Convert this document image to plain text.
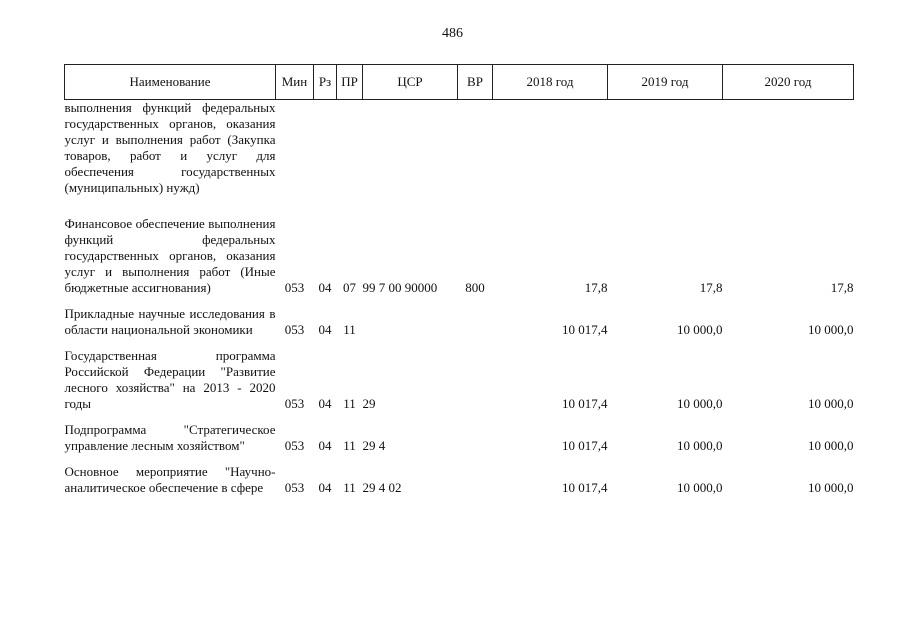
486
Наименование	Мин	Рз	ПР	ЦСР	ВР	2018 год	2019 год	2020 год
выполнения функций федеральных государственных органов, оказания услуг и выполнения работ (Закупка товаров, работ и услуг для обеспечения государственных (муниципальных) нужд)								

Финансовое обеспечение выполнения функций федеральных государственных органов, оказания услуг и выполнения работ (Иные бюджетные ассигнования)	053	04	07	99 7 00 90000	800	17,8	17,8	17,8

Прикладные научные исследования в области национальной экономики	053	04	11			10 017,4	10 000,0	10 000,0

Государственная программа Российской Федерации "Развитие лесного хозяйства" на 2013 - 2020 годы	053	04	11	29		10 017,4	10 000,0	10 000,0

Подпрограмма "Стратегическое управление лесным хозяйством"	053	04	11	29 4		10 017,4	10 000,0	10 000,0

Основное мероприятие "Научно-аналитическое обеспечение в сфере	053	04	11	29 4 02		10 017,4	10 000,0	10 000,0
